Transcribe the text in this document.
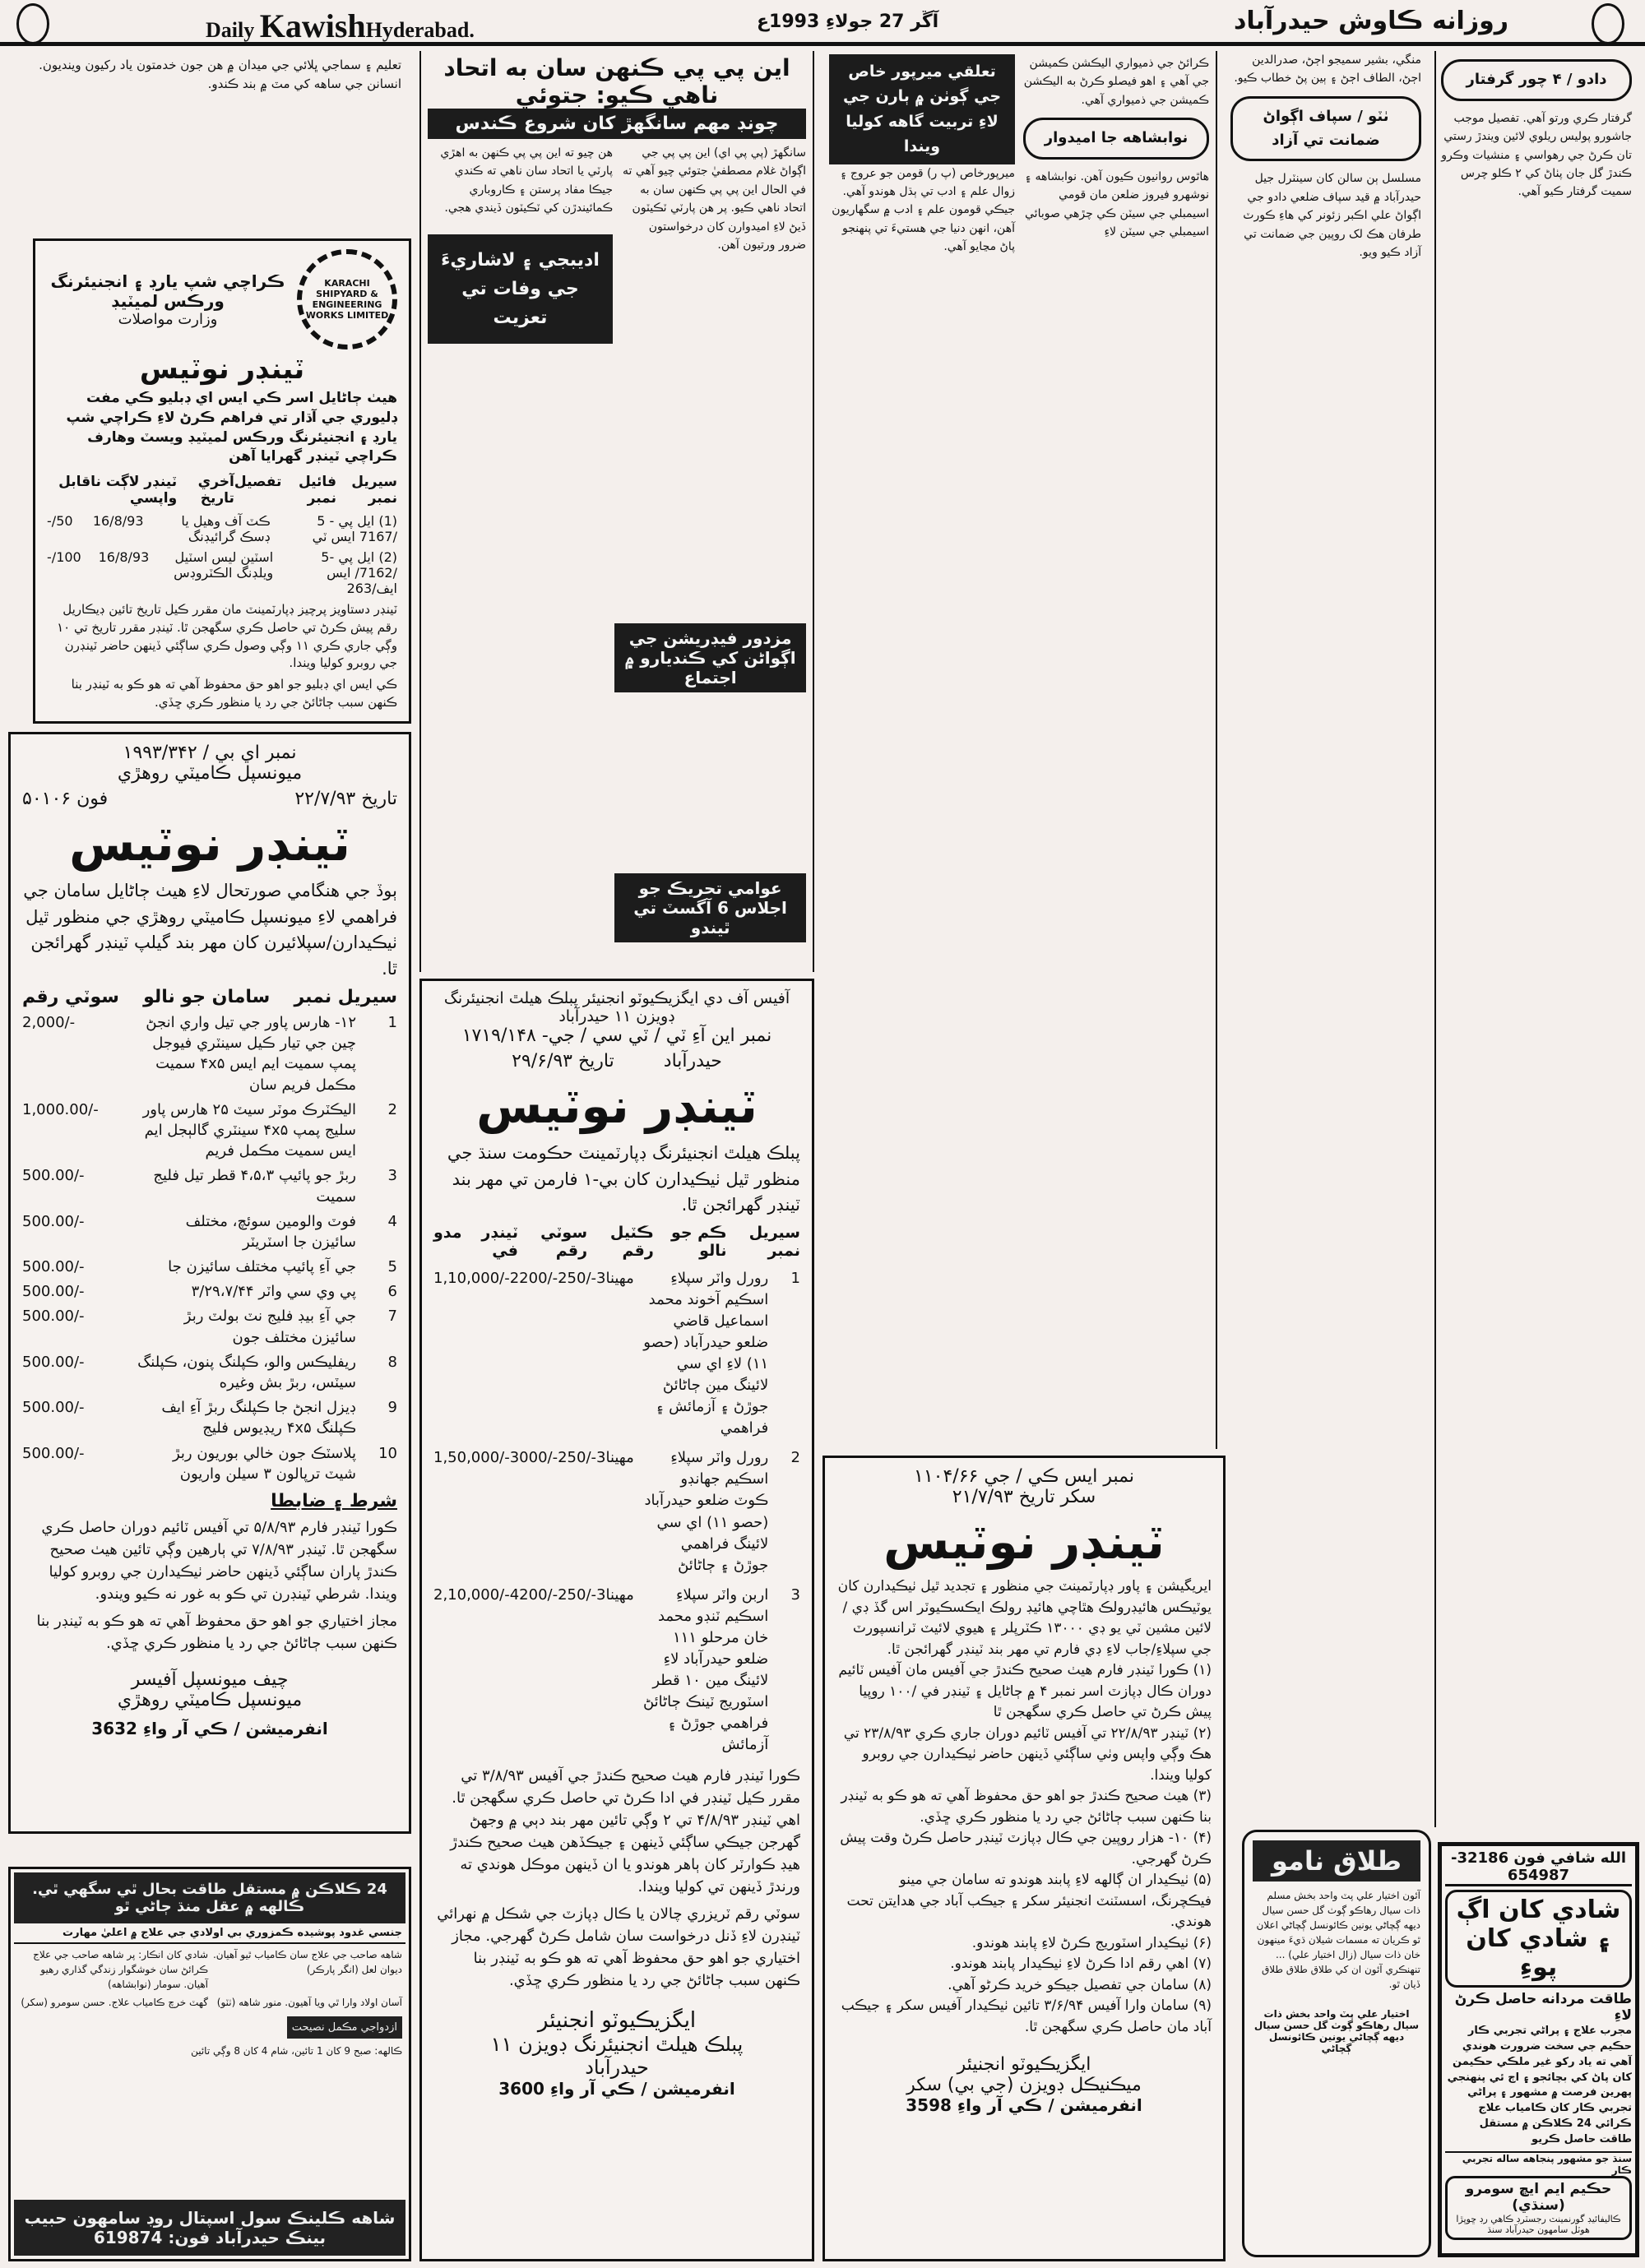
Daily KawishHyderabad.	آڱر 27 جولاءِ 1993ع	روزانه ڪاوش حيدرآباد
تعليم ۽ سماجي ڀلائي جي ميدان ۾ هن جون خدمتون ياد رکيون وينديون. انسانن جي ساهه کي مٽ ۾ بند ڪندو.
KARACHI SHIPYARD & ENGINEERING WORKS LIMITED
ڪراچي شپ يارڊ ۽ انجنيئرنگ ورڪس لميٽيڊ
وزارت مواصلات
ٽينڊر نوٽيس
هيٺ ڄاڻايل اسر ڪي ايس اي ڊبليو ڪي مفت ڊليوري جي آڌار تي فراهم ڪرڻ لاءِ ڪراچي شپ يارڊ ۽ انجنيئرنگ ورڪس لميٽيڊ ويسٽ وهارف ڪراچي ٽينڊر گهرايا آهن
سيريل نمبر
فائيل نمبر
تفصيل
آخري تاريخ
ٽينڊر لاڳت ناقابل واپسي
(1) ايل پي - 5 /7167 ايس ٽي
ڪٽ آف وهيل يا ڊسڪ گرائيڊنگ
16/8/93
50/-
(2) ايل پي -5 /7162/ ايس ايف/263
اسٽين ليس اسٽيل ويلڊنگ الڪٽروڊس
16/8/93
100/-
ٽينڊر دستاويز پرچيز ڊپارٽمينٽ مان مقرر ڪيل تاريخ تائين ڊيڪاريل رقم پيش ڪرڻ تي حاصل ڪري سگهجن ٿا. ٽينڊر مقرر تاريخ تي ۱۰ وڳي جاري ڪري ۱۱ وڳي وصول ڪري ساڳئي ڏينهن حاضر ٽينڊرن جي روبرو کوليا ويندا.
ڪي ايس اي ڊبليو جو اهو حق محفوظ آهي ته هو ڪو به ٽينڊر بنا ڪنهن سبب ڄاڻائڻ جي رد يا منظور ڪري ڇڏي.
نمبر اي بي / ۱۹۹۳/۳۴۲
ميونسپل ڪاميٽي روهڙي
تاريخ ۲۲/۷/۹۳
فون ۵۰۱۰۶
ٽينڊر نوٽيس
ٻوڏ جي هنگامي صورتحال لاءِ هيٺ ڄاڻايل سامان جي فراهمي لاءِ ميونسپل ڪاميٽي روهڙي جي منظور ٿيل ٺيڪيدارن/سپلائيرن کان مهر بند گيلپ ٽينڊر گهرائجن ٿا.
سيريل نمبر
سامان جو نالو
سوٽي رقم
1
۱۲- هارس پاور جي تيل واري انجڻ چين جي تيار ڪيل سينٽري فيوجل پمپ سميت ايم ايس ۴x۵ سميت مڪمل فريم سان
2,000/-
2
اليڪٽرڪ موٽر سيٽ ۲۵ هارس پاور سليج پمپ ۴x۵ سينٽري گالٻجل ايم ايس سميت مڪمل فريم
1,000.00/-
3
ربڙ جو پائيپ ۴،۵،۳ قطر تيل فليج سميت
500.00/-
4
فوٽ والومين سوئچ، مختلف سائيزن جا اسٽريٽر
500.00/-
5
جي آءِ پائيپ مختلف سائيزن جا
500.00/-
6
پي وي سي واٽر ۳/۲۹،۷/۴۴
500.00/-
7
جي آءِ بيڊ فليج نٽ بولٽ ربڙ سائيزن مختلف جون
500.00/-
8
ريفليڪس والو، ڪپلنگ پنون، ڪپلنگ سيٽس، ربڙ بش وغيره
500.00/-
9
ڊيزل انجڻ جا ڪپلنگ ربڙ آءِ ايف ڪپلنگ ۴x۵ ريڊيوس فليج
500.00/-
10
پلاسٽڪ جون خالي بوريون ربڙ شيٽ ترپالون ۳ سيلن واريون
500.00/-
شرط ۽ ضابطا
ڪورا ٽينڊر فارم ۵/۸/۹۳ تي آفيس ٽائيم دوران حاصل ڪري سگهجن ٿا. ٽينڊر ۷/۸/۹۳ تي ٻارهين وڳي تائين هيٺ صحيح ڪندڙ پاران ساڳئي ڏينهن حاضر ٺيڪيدارن جي روبرو کوليا ويندا. شرطي ٽينڊرن تي ڪو به غور نه ڪيو ويندو.
مجاز اختياري جو اهو حق محفوظ آهي ته هو ڪو به ٽينڊر بنا ڪنهن سبب ڄاڻائڻ جي رد يا منظور ڪري ڇڏي.
چيف ميونسپل آفيسر
ميونسپل ڪاميٽي روهڙي
انفرميشن / ڪي آر واءِ 3632
24 ڪلاڪن ۾ مستقل طاقت بحال ٿي سگهي ٿي. ڪالهه ۾ عقل منڌ ڄاڻي ٿو
جنسي غدود پوشيده ڪمزوري بي اولادي جي علاج ۾ اعليٰ مهارت
شاهه صاحب جي علاج سان ڪامياب ٿيو آهيان. ديوان لعل (انگر پارڪر)
شادي کان انڪار: پر شاهه صاحب جي علاج ڪرائڻ سان خوشگوار زندگي گذاري رهيو آهيان. سومار (نوابشاهه)
آسان اولاد وارا ٿي ويا آهيون. منور شاهه (ٺٽو)
گهٽ خرچ ڪامياب علاج. حسن سومرو (سکر)
ازدواجي مڪمل نصيحت
ڪالهه: صبح 9 کان 1 تائين، شام 4 کان 8 وڳي تائين
شاهه ڪلينڪ سول اسپتال روڊ سامهون حبيب بينڪ حيدرآباد فون: 619874
اين پي پي ڪنهن سان به اتحاد ناهي ڪيو: جتوئي
چونڊ مهم سانگهڙ کان شروع ڪندس
سانگهڙ (پي پي اي) اين پي پي جي اڳواڻ غلام مصطفيٰ جتوئي چيو آهي ته في الحال اين پي پي ڪنهن سان به اتحاد ناهي ڪيو. پر هن پارٽي ٽڪيٽون ڏيڻ لاءِ اميدوارن کان درخواستون ضرور ورتيون آهن.
هن چيو ته اين پي پي ڪنهن به اهڙي پارٽي يا اتحاد سان ناهي ته ڪندي جيڪا مفاد پرستن ۽ ڪاروباري ڪمائيندڙن کي ٽڪيٽون ڏيندي هجي.
اديبجي ۽ لاشاريءَ جي وفات تي تعزيت
مزدور فيڊريشن جي اڳواڻن کي ڪنديارو ۾ اجتماع
عوامي تحريڪ جو اجلاس 6 آگسٽ تي ٿيندو
آفيس آف دي ايگزيڪيوٽو انجنيئر پبلڪ هيلٿ انجنيئرنگ ڊويزن ۱۱ حيدرآباد
نمبر اين آءِ ٽي / ٽي سي / جي- ۱۷۱۹/۱۴۸
حيدرآباد
تاريخ ۲۹/۶/۹۳
ٽينڊر نوٽيس
پبلڪ هيلٿ انجنيئرنگ ڊپارٽمينٽ حڪومت سنڌ جي منظور ٿيل ٺيڪيدارن کان بي-۱ فارمن تي مهر بند ٽينڊر گهرائجن ٿا.
سيريل نمبر
ڪم جو نالو
ڪٽيل رقم
سوٽي رقم
ٽينڊر في
مدو
1
رورل واٽر سپلاءِ اسڪيم آخوند محمد اسماعيل قاضي ضلعو حيدرآباد (حصو ۱۱) لاءِ اي سي لائينگ مين ڄاڻائڻ جوڙڻ ۽ آزمائش ۽ فراهمي
1,10,000/-2200/-250/-3مهينا
2
رورل واٽر سپلاءِ اسڪيم جهانڊو ڪوٽ ضلعو حيدرآباد (حصو ۱۱) اي سي لائينگ فراهمي جوڙڻ ۽ ڄاڻائڻ
1,50,000/-3000/-250/-3مهينا
3
اربن واٽر سپلاءِ اسڪيم ٽنڊو محمد خان مرحلو ۱۱۱ ضلعو حيدرآباد لاءِ لائينگ مين ۱۰ قطر اسٽوريج ٽينڪ ڄاڻائڻ فراهمي جوڙڻ ۽ آزمائش
2,10,000/-4200/-250/-3مهينا
ڪورا ٽينڊر فارم هيٺ صحيح ڪندڙ جي آفيس ۳/۸/۹۳ تي مقرر ڪيل ٽينڊر في ادا ڪرڻ تي حاصل ڪري سگهجن ٿا. اهي ٽينڊر ۴/۸/۹۳ تي ۲ وڳي تائين مهر بند دٻي ۾ وجهڻ گهرجن جيڪي ساڳئي ڏينهن ۽ جيڪڏهن هيٺ صحيح ڪندڙ هيڊ ڪوارٽر کان ٻاهر هوندو يا ان ڏينهن موڪل هوندي ته ورندڙ ڏينهن تي کوليا ويندا.
سوٽي رقم ٽريزري چالان يا ڪال ڊپازٽ جي شڪل ۾ نهرائي ٽينڊرن لاءِ ڏنل درخواست سان شامل ڪرڻ گهرجي. مجاز اختياري جو اهو حق محفوظ آهي ته هو ڪو به ٽينڊر بنا ڪنهن سبب ڄاڻائڻ جي رد يا منظور ڪري ڇڏي.
ايگزيڪيوٽو انجنيئر
پبلڪ هيلٿ انجنيئرنگ ڊويزن ۱۱
حيدرآباد
انفرميشن / ڪي آر واءِ 3600
ڪرائڻ جي ذميواري اليڪشن ڪميشن جي آهي ۽ اهو فيصلو ڪرڻ به اليڪشن ڪميشن جي ذميواري آهي.
نوابشاهه جا اميدوار
هاٿوس روانيون ڪيون آهن. نوابشاهه ۽ نوشهرو فيروز ضلعن مان قومي اسيمبلي جي سيٽن ڪي چڙهي صوبائي اسيمبلي جي سيٽن لاءِ
تعلقي ميرپور خاص جي ڳوٺن ۾ ٻارن جي لاءِ تربيت گاهه کوليا ويندا
ميرپورخاص (پ ر) قومن جو عروج ۽ زوال علم ۽ ادب تي ٻڌل هوندو آهي. جيڪي قومون علم ۽ ادب ۾ سگهاريون آهن، انهن دنيا جي هستيءَ تي پنهنجو پاڻ مڃايو آهي.
نمبر ايس ڪي / جي ۱۱۰۴/۶۶
سکر تاريخ ۲۱/۷/۹۳
ٽينڊر نوٽيس
ايريگيشن ۽ پاور ڊپارٽمينٽ جي منظور ۽ تجديد ٿيل ٺيڪيدارن کان يوٽيڪس هائيڊرولڪ هٿاچي هائيڊ رولڪ ايڪسڪيوٽر اس گڏ ڊي / لائين مشين ٽي يو ڊي ۱۳۰۰۰ ڪٽرپلر ۽ هيوي لائيٽ ٽرانسپورٽ جي سپلاءِ/جاب لاءِ ڊي فارم تي مهر بند ٽينڊر گهرائجن ٿا.
(۱) ڪورا ٽينڊر فارم هيٺ صحيح ڪندڙ جي آفيس مان آفيس ٽائيم دوران ڪال ڊپازٽ اسر نمبر ۴ ۾ ڄاڻايل ۽ ٽينڊر في /۱۰۰ روپيا پيش ڪرڻ تي حاصل ڪري سگهجن ٿا
(۲) ٽينڊر ۲۲/۸/۹۳ تي آفيس ٽائيم دوران جاري ڪري ۲۳/۸/۹۳ تي هڪ وڳي واپس وٺي ساڳئي ڏينهن حاضر ٺيڪيدارن جي روبرو کوليا ويندا.
(۳) هيٺ صحيح ڪندڙ جو اهو حق محفوظ آهي ته هو ڪو به ٽينڊر بنا ڪنهن سبب ڄاڻائڻ جي رد يا منظور ڪري ڇڏي.
(۴) ۱۰- هزار روپين جي ڪال ڊپازٽ ٽينڊر حاصل ڪرڻ وقت پيش ڪرڻ گهرجي.
(۵) ٺيڪيدار ان ڳالهه لاءِ پابند هوندو ته سامان جي مينو فيڪچرنگ، اسسٽنٽ انجنيئر سکر ۽ جيڪب آباد جي هدايتن تحت هوندي.
(۶) ٺيڪيدار اسٽوريج ڪرڻ لاءِ پابند هوندو.
(۷) اهي رقم ادا ڪرڻ لاءِ ٺيڪيدار پابند هوندو.
(۸) سامان جي تفصيل جيڪو خريد ڪرڻو آهي.
(۹) سامان وارا آفيس ۳/۶/۹۴ تائين ٺيڪيدار آفيس سکر ۽ جيڪب آباد مان حاصل ڪري سگهجن ٿا.
ايگزيڪيوٽو انجنيئر
ميڪنيڪل ڊويزن (جي بي) سکر
انفرميشن / ڪي آر واءِ 3598
دادو / ۴ چور گرفتار
گرفتار ڪري ورتو آهي. تفصيل موجب جاشورو پوليس ريلوي لائين ويندڙ رستي تان ڪرڻ جي رهواسي ۽ منشيات وڪرو ڪندڙ گل جان پٺاڻ کي ۲ ڪلو چرس سميت گرفتار ڪيو آهي.
منگي، بشير سميجو اڄڻ، صدرالدين اڄڻ، الطاف اڄڻ ۽ ٻين پڻ خطاب ڪيو.
ٺٽو / سپاف اڳواڻ ضمانت تي آزاد
مسلسل ٻن سالن کان سينٽرل جيل حيدرآباد ۾ قيد سپاف ضلعي دادو جي اڳواڻ علي اڪبر زئونر کي هاءِ ڪورٽ طرفان هڪ لک روپين جي ضمانت تي آزاد ڪيو ويو.
طلاق نامو
آئون اختيار علي پٽ واحد بخش مسلم ذات سيال رهاڪو ڳوٺ گل حسن سيال ديهه ڳچاڻي يونين ڪائونسل ڳچاڻي اعلان ٿو ڪريان ته مسمات شيلان ڌيءَ مينهون خان ذات سيال (زال اختيار علي) ... تنهنڪري آئون ان کي طلاق طلاق طلاق ڏيان ٿو.
اختيار علي پٽ واحد بخش ذات سيال رهاڪو ڳوٺ گل حسن سيال ديهه ڳچاڻي يونين ڪائونسل ڳچاڻي
الله شافي فون 32186-654987
شادي کان اڳ
۽ شادي کان پوءِ
طاقت مردانه حاصل ڪرڻ لاءِ
مجرب علاج ۽ پراڻي تجربي ڪار حڪيم جي سخت ضرورت هوندي آهي ته ياد رکو غير ملڪي حڪيمن کان پاڻ کي بچائجو ۽ اڄ ئي پنهنجي پهرين فرصت ۾ مشهور ۽ پراڻي تجربي ڪار کان ڪامياب علاج ڪرائي 24 ڪلاڪن ۾ مستقل طاقت حاصل ڪريو
سنڌ جو مشهور پنجاهه ساله تجربي ڪار
حڪيم ايم ايڇ سومرو (سنڌي)
ڪاليفائيڊ گورنمينٽ رجسٽرڊ ڪاهي رڊ ڇوپڙا هوٽل سامهون حيدرآباد سنڌ
